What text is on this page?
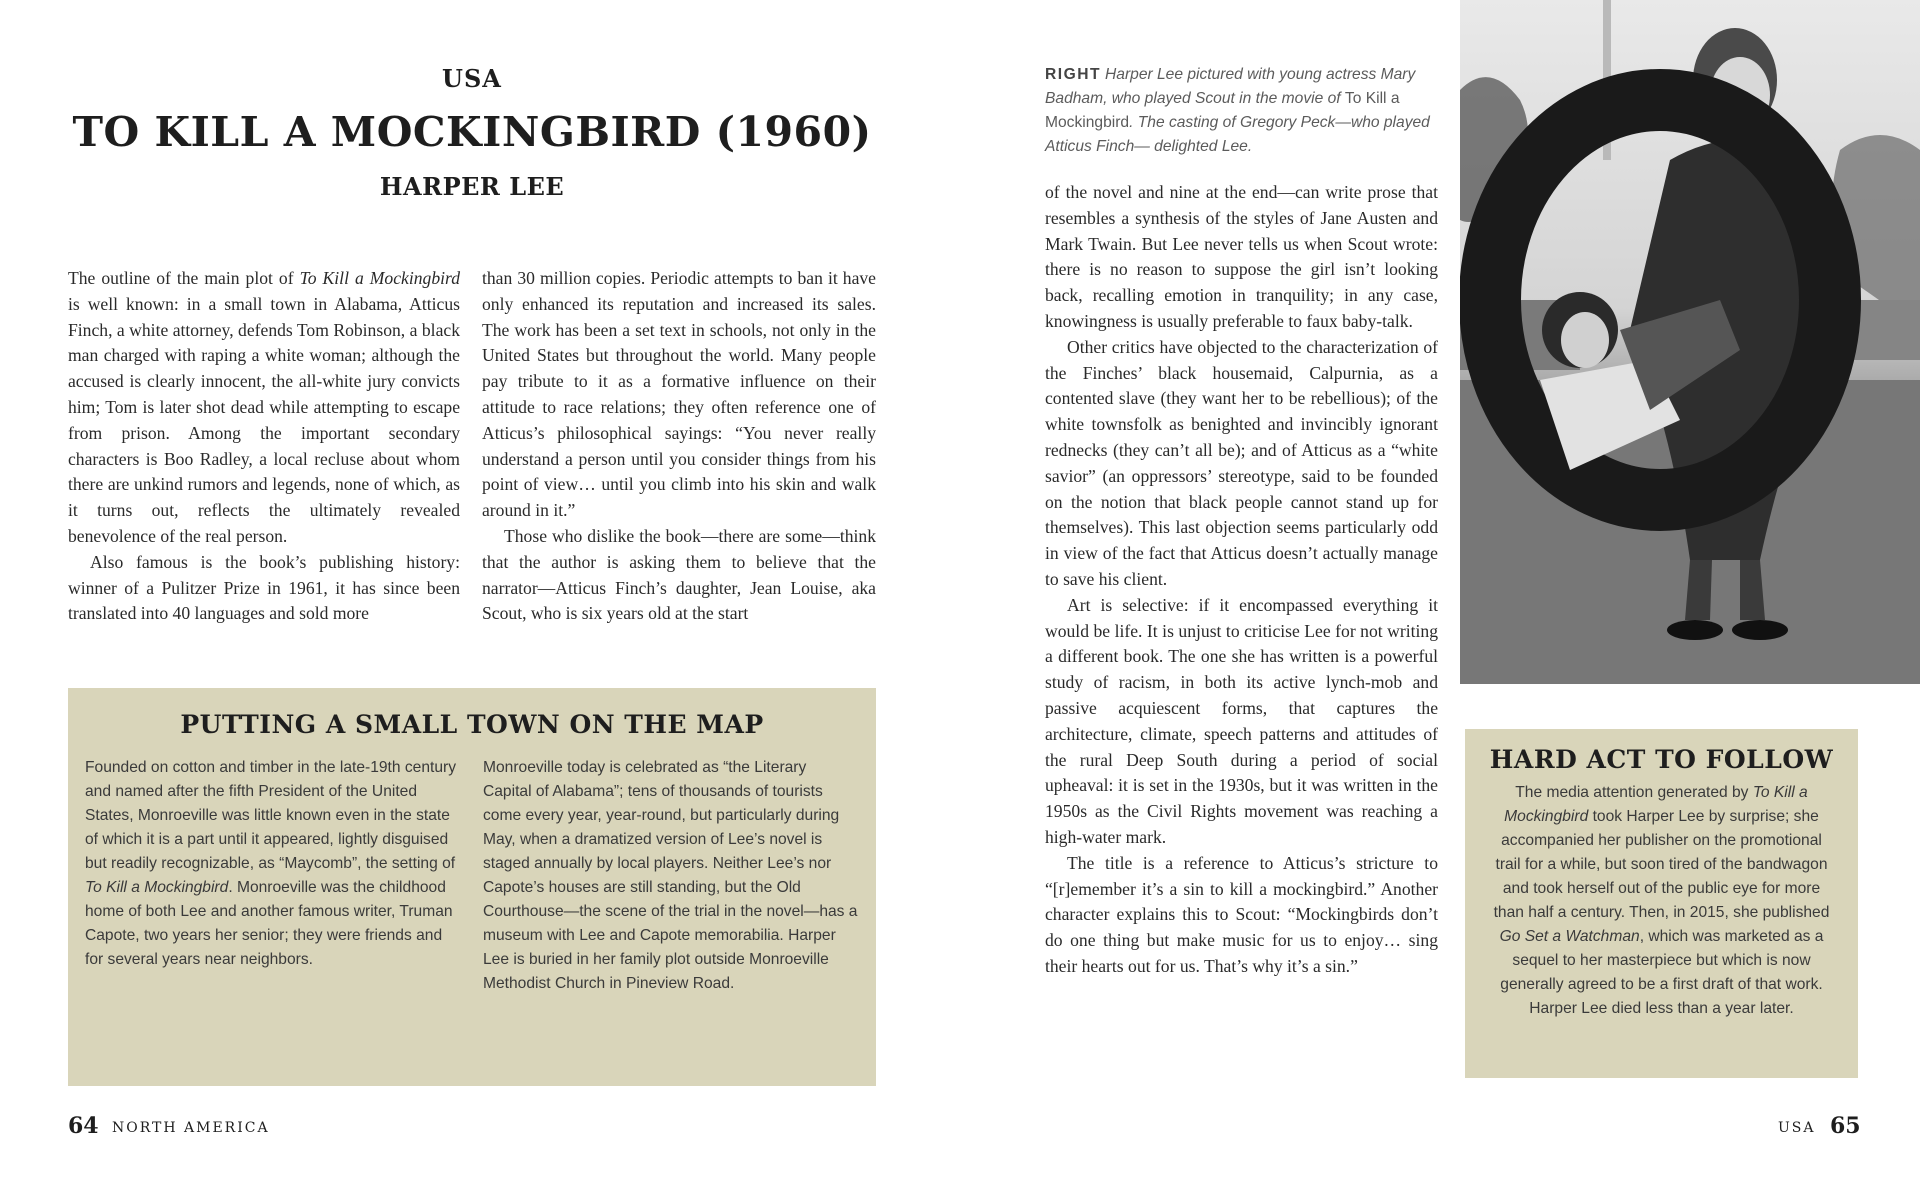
USA
TO KILL A MOCKINGBIRD (1960)
HARPER LEE

The outline of the main plot of To Kill a Mockingbird is well known: in a small town in Alabama, Atticus Finch, a white attorney, defends Tom Robinson, a black man charged with raping a white woman; although the accused is clearly innocent, the all-white jury convicts him; Tom is later shot dead while attempting to escape from prison. Among the important secondary characters is Boo Radley, a local recluse about whom there are unkind rumors and legends, none of which, as it turns out, reflects the ultimately revealed benevolence of the real person.

Also famous is the book’s publishing history: winner of a Pulitzer Prize in 1961, it has since been translated into 40 languages and sold more

than 30 million copies. Periodic attempts to ban it have only enhanced its reputation and increased its sales. The work has been a set text in schools, not only in the United States but throughout the world. Many people pay tribute to it as a formative influence on their attitude to race relations; they often reference one of Atticus’s philosophical sayings: “You never really understand a person until you consider things from his point of view… until you climb into his skin and walk around in it.”

Those who dislike the book—there are some—think that the author is asking them to believe that the narrator—Atticus Finch’s daughter, Jean Louise, aka Scout, who is six years old at the start

PUTTING A SMALL TOWN ON THE MAP
Founded on cotton and timber in the late-19th century and named after the fifth President of the United States, Monroeville was little known even in the state of which it is a part until it appeared, lightly disguised but readily recognizable, as “Maycomb”, the setting of To Kill a Mockingbird. Monroeville was the childhood home of both Lee and another famous writer, Truman Capote, two years her senior; they were friends and for several years near neighbors.
Monroeville today is celebrated as “the Literary Capital of Alabama”; tens of thousands of tourists come every year, year-round, but particularly during May, when a dramatized version of Lee’s novel is staged annually by local players. Neither Lee’s nor Capote’s houses are still standing, but the Old Courthouse—the scene of the trial in the novel—has a museum with Lee and Capote memorabilia. Harper Lee is buried in her family plot outside Monroeville Methodist Church in Pineview Road.
64 NORTH AMERICA
RIGHT Harper Lee pictured with young actress Mary Badham, who played Scout in the movie of To Kill a Mockingbird. The casting of Gregory Peck—who played Atticus Finch— delighted Lee.

of the novel and nine at the end—can write prose that resembles a synthesis of the styles of Jane Austen and Mark Twain. But Lee never tells us when Scout wrote: there is no reason to suppose the girl isn’t looking back, recalling emotion in tranquility; in any case, knowingness is usually preferable to faux baby-talk.

Other critics have objected to the characterization of the Finches’ black housemaid, Calpurnia, as a contented slave (they want her to be rebellious); of the white townsfolk as benighted and invincibly ignorant rednecks (they can’t all be); and of Atticus as a “white savior” (an oppressors’ stereotype, said to be founded on the notion that black people cannot stand up for themselves). This last objection seems particularly odd in view of the fact that Atticus doesn’t actually manage to save his client.

Art is selective: if it encompassed everything it would be life. It is unjust to criticise Lee for not writing a different book. The one she has written is a powerful study of racism, in both its active lynch-mob and passive acquiescent forms, that captures the architecture, climate, speech patterns and attitudes of the rural Deep South during a period of social upheaval: it is set in the 1930s, but it was written in the 1950s as the Civil Rights movement was reaching a high-water mark.

The title is a reference to Atticus’s stricture to “[r]emember it’s a sin to kill a mockingbird.” Another character explains this to Scout: “Mockingbirds don’t do one thing but make music for us to enjoy… sing their hearts out for us. That’s why it’s a sin.”

HARD ACT TO FOLLOW
The media attention generated by To Kill a Mockingbird took Harper Lee by surprise; she accompanied her publisher on the promotional trail for a while, but soon tired of the bandwagon and took herself out of the public eye for more than half a century. Then, in 2015, she published Go Set a Watchman, which was marketed as a sequel to her masterpiece but which is now generally agreed to be a first draft of that work. Harper Lee died less than a year later.
USA 65
